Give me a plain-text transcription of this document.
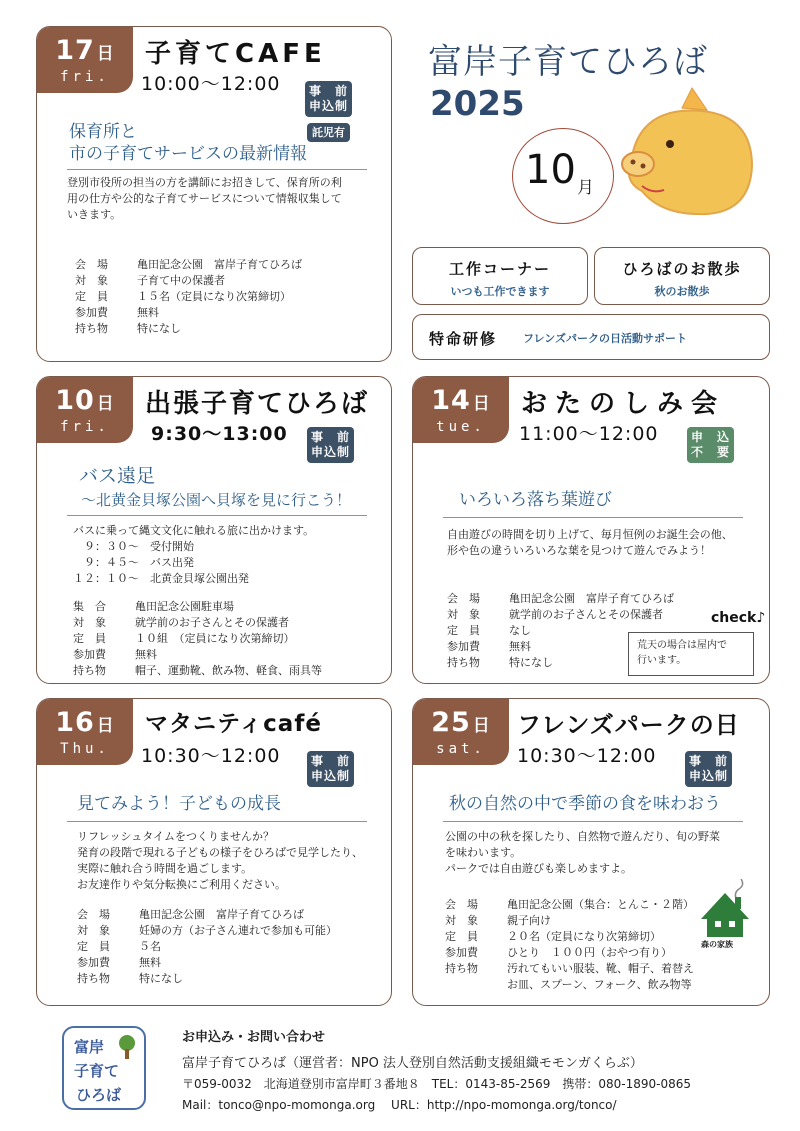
富岸子育てひろば
2025
10 月
工作コーナー
いつも工作できます
ひろばのお散歩
秋のお散歩
特命研修 フレンズパークの日活動サポート
17 日
fri.
子育てCAFE
10:00〜12:00	事　前
申込制
託児有
保育所と
市の子育てサービスの最新情報

登別市役所の担当の方を講師にお招きして、保育所の利

用の仕方や公的な子育てサービスについて情報収集して

いきます。

会　場	亀田記念公園　富岸子育てひろば
対　象	子育て中の保護者
定　員	１５名（定員になり次第締切）
参加費	無料
持ち物	特になし
10 日
fri.
出張子育てひろば
9:30〜13:00	事　前
申込制
バス遠足
〜北黄金貝塚公園へ貝塚を見に行こう！

バスに乗って縄文文化に触れる旅に出かけます。

　９：３０〜　受付開始

　９：４５〜　バス出発

１２：１０〜　北黄金貝塚公園出発

集　合	亀田記念公園駐車場
対　象	就学前のお子さんとその保護者
定　員	１０組　（定員になり次第締切）
参加費	無料
持ち物	帽子、運動靴、飲み物、軽食、雨具等
14 日
tue.
おたのしみ会
11:00〜12:00	申　込
不　要
いろいろ落ち葉遊び

自由遊びの時間を切り上げて、毎月恒例のお誕生会の他、

形や色の違ういろいろな葉を見つけて遊んでみよう！

会　場	亀田記念公園　富岸子育てひろば
対　象	就学前のお子さんとその保護者
定　員	なし
参加費	無料
持ち物	特になし
check♪
荒天の場合は屋内で
行います。
16 日
Thu.
マタニティcafé
10:30〜12:00	事　前
申込制
見てみよう！子どもの成長

リフレッシュタイムをつくりませんか？

発育の段階で現れる子どもの様子をひろばで見学したり、

実際に触れ合う時間を過ごします。

お友達作りや気分転換にご利用ください。

会　場	亀田記念公園　富岸子育てひろば
対　象	妊婦の方（お子さん連れで参加も可能）
定　員	５名
参加費	無料
持ち物	特になし
25 日
sat.
フレンズパークの日
10:30〜12:00	事　前
申込制
秋の自然の中で季節の食を味わおう

公園の中の秋を探したり、自然物で遊んだり、旬の野菜

を味わいます。

パークでは自由遊びも楽しめますよ。

会　場	亀田記念公園（集合：とんこ・２階）
対　象	親子向け
定　員	２０名（定員になり次第締切）
参加費	ひとり　１００円（おやつ有り）
持ち物	汚れてもいい服装、靴、帽子、着替え
お皿、スプーン、フォーク、飲み物等
森の家族
富岸
子育て
ひろば
お申込み・お問い合わせ
富岸子育てひろば（運営者：NPO 法人登別自然活動支援組織モモンガくらぶ）
〒059-0032　北海道登別市富岸町３番地８　TEL：0143-85-2569　携帯：080-1890-0865
Mail：tonco@npo-momonga.org　 URL：http://npo-momonga.org/tonco/
